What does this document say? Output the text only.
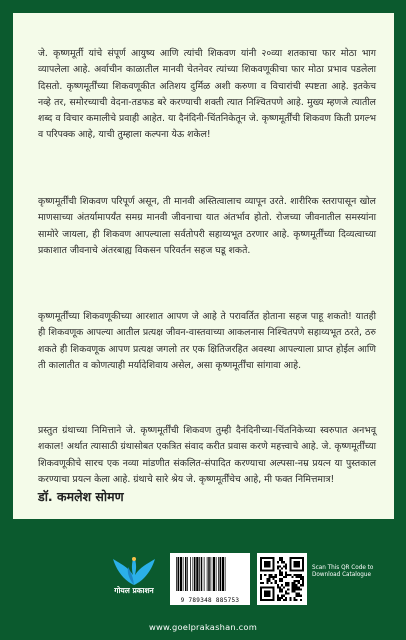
जे. कृष्णमूर्ती यांचे संपूर्ण आयुष्य आणि त्यांची शिकवण यांनी २०व्या शतकाचा फार मोठा भाग व्यापलेला आहे. अर्वाचीन काळातील मानवी चेतनेवर त्यांच्या शिकवणूकीचा फार मोठा प्रभाव पडलेला दिसतो. कृष्णमूर्तींच्या शिकवणूकीत अतिशय दुर्मिळ अशी करुणा व विचारांची स्पष्टता आहे. इतकेच नव्हे तर, समोरच्याची वेदना-तडफड बरे करण्याची शक्ती त्यात निश्चितपणे आहे. मुख्य म्हणजे त्यातील शब्द व विचार कमालीचे प्रवाही आहेत. या दैनंदिनी-चिंतनिकेतून जे. कृष्णमूर्तींची शिकवण किती प्रगल्भ व परिपक्क आहे, याची तुम्हाला कल्पना येऊ शकेल!

कृष्णमूर्तींची शिकवण परिपूर्ण असून, ती मानवी अस्तित्वालाच व्यापून उरते. शारीरिक स्तरापासून खोल माणसाच्या अंतर्यामापर्यंत समग्र मानवी जीवनाचा यात अंतर्भाव होतो. रोजच्या जीवनातील समस्यांना सामोरे जायला, ही शिकवण आपल्याला सर्वतोपरी सहाय्यभूत ठरणार आहे. कृष्णमूर्तींच्या दिव्यत्वाच्या प्रकाशात जीवनाचे अंतरबाह्य विकसन परिवर्तन सहज घडू शकते.

कृष्णमूर्तींच्या शिकवणूकीच्या आरशात आपण जे आहे ते परावर्तित होताना सहज पाहू शकतो! यातही ही शिकवणूक आपल्या आतील प्रत्यक्ष जीवन-वास्तवाच्या आकलनास निश्चितपणे सहाय्यभूत ठरते, ठरु शकते ही शिकवणूक आपण प्रत्यक्ष जगलो तर एक क्षितिजरहित अवस्था आपल्याला प्राप्त होईल आणि ती कालातीत व कोणत्याही मर्यादेशिवाय असेल, असा कृष्णमूर्तींचा सांगावा आहे.

प्रस्तुत ग्रंथाच्या निमित्ताने जे. कृष्णमूर्तींची शिकवण तुम्ही दैनंदिनीच्या-चिंतनिकेच्या स्वरुपात अनभवू शकाल! अर्थात त्यासाठी ग्रंथासोबत एकत्रित संवाद करीत प्रवास करणे महत्त्वाचे आहे. जे. कृष्णमूर्तींच्या शिकवणूकीचे सारच एक नव्या मांडणीत संकलित-संपादित करण्याचा अल्पसा-नम्र प्रयत्न या पुस्तकाल करण्याचा प्रयत्न केला आहे. ग्रंथाचे सारे श्रेय जे. कृष्णमूर्तींचेच आहे, मी फक्त निमित्तमात्र!

डॉ. कमलेश सोमण
गोयल प्रकाशन
9 789348 885753
Scan This QR Code to Download Catalogue
www.goelprakashan.com
